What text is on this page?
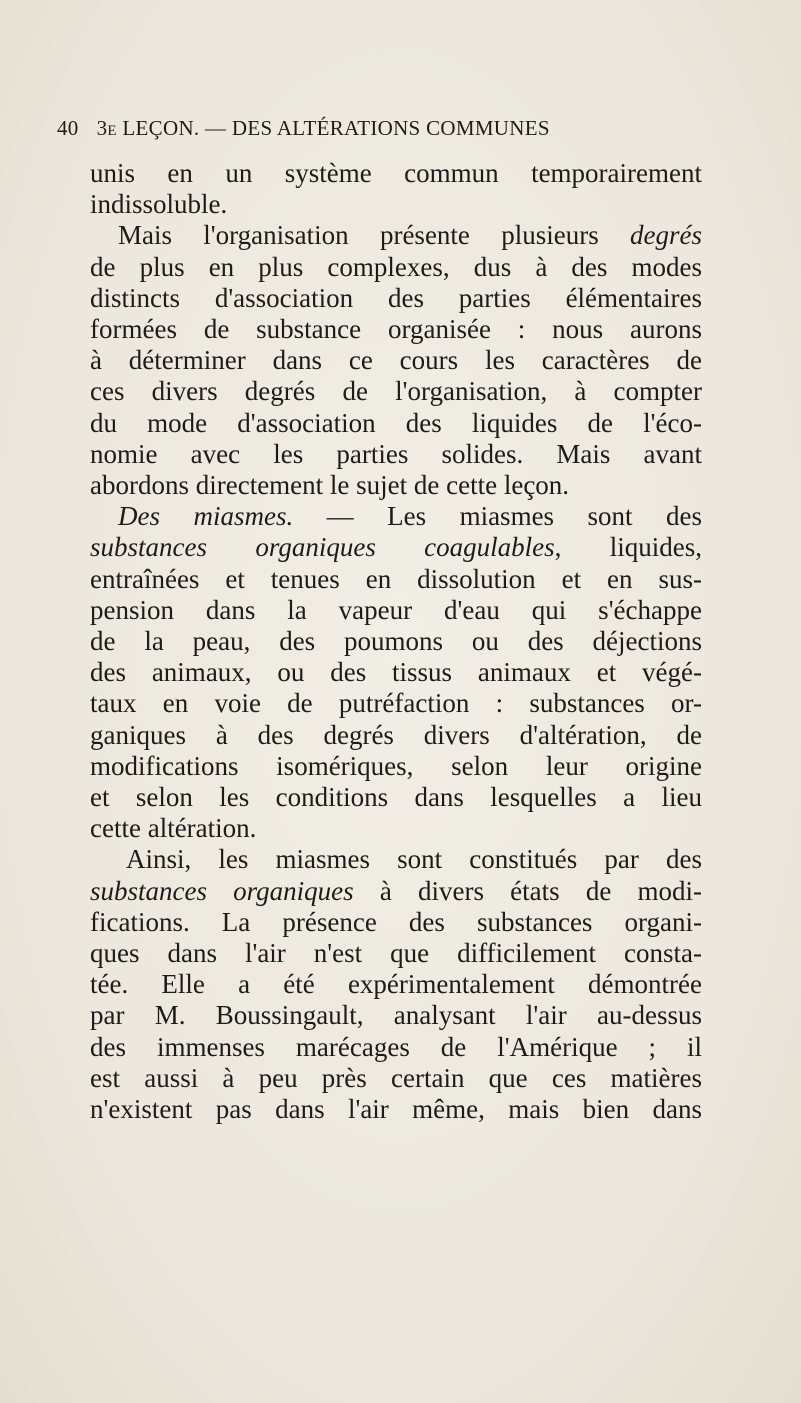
40 3e LEÇON. — DES ALTÉRATIONS COMMUNES
unis en un système commun temporairement
indissoluble.
Mais l'organisation présente plusieurs degrés
de plus en plus complexes, dus à des modes
distincts d'association des parties élémentaires
formées de substance organisée : nous aurons
à déterminer dans ce cours les caractères de
ces divers degrés de l'organisation, à compter
du mode d'association des liquides de l'éco-
nomie avec les parties solides. Mais avant
abordons directement le sujet de cette leçon.
Des miasmes. — Les miasmes sont des
substances organiques coagulables, liquides,
entraînées et tenues en dissolution et en sus-
pension dans la vapeur d'eau qui s'échappe
de la peau, des poumons ou des déjections
des animaux, ou des tissus animaux et végé-
taux en voie de putréfaction : substances or-
ganiques à des degrés divers d'altération, de
modifications isomériques, selon leur origine
et selon les conditions dans lesquelles a lieu
cette altération.
Ainsi, les miasmes sont constitués par des
substances organiques à divers états de modi-
fications. La présence des substances organi-
ques dans l'air n'est que difficilement consta-
tée. Elle a été expérimentalement démontrée
par M. Boussingault, analysant l'air au-dessus
des immenses marécages de l'Amérique ; il
est aussi à peu près certain que ces matières
n'existent pas dans l'air même, mais bien dans
